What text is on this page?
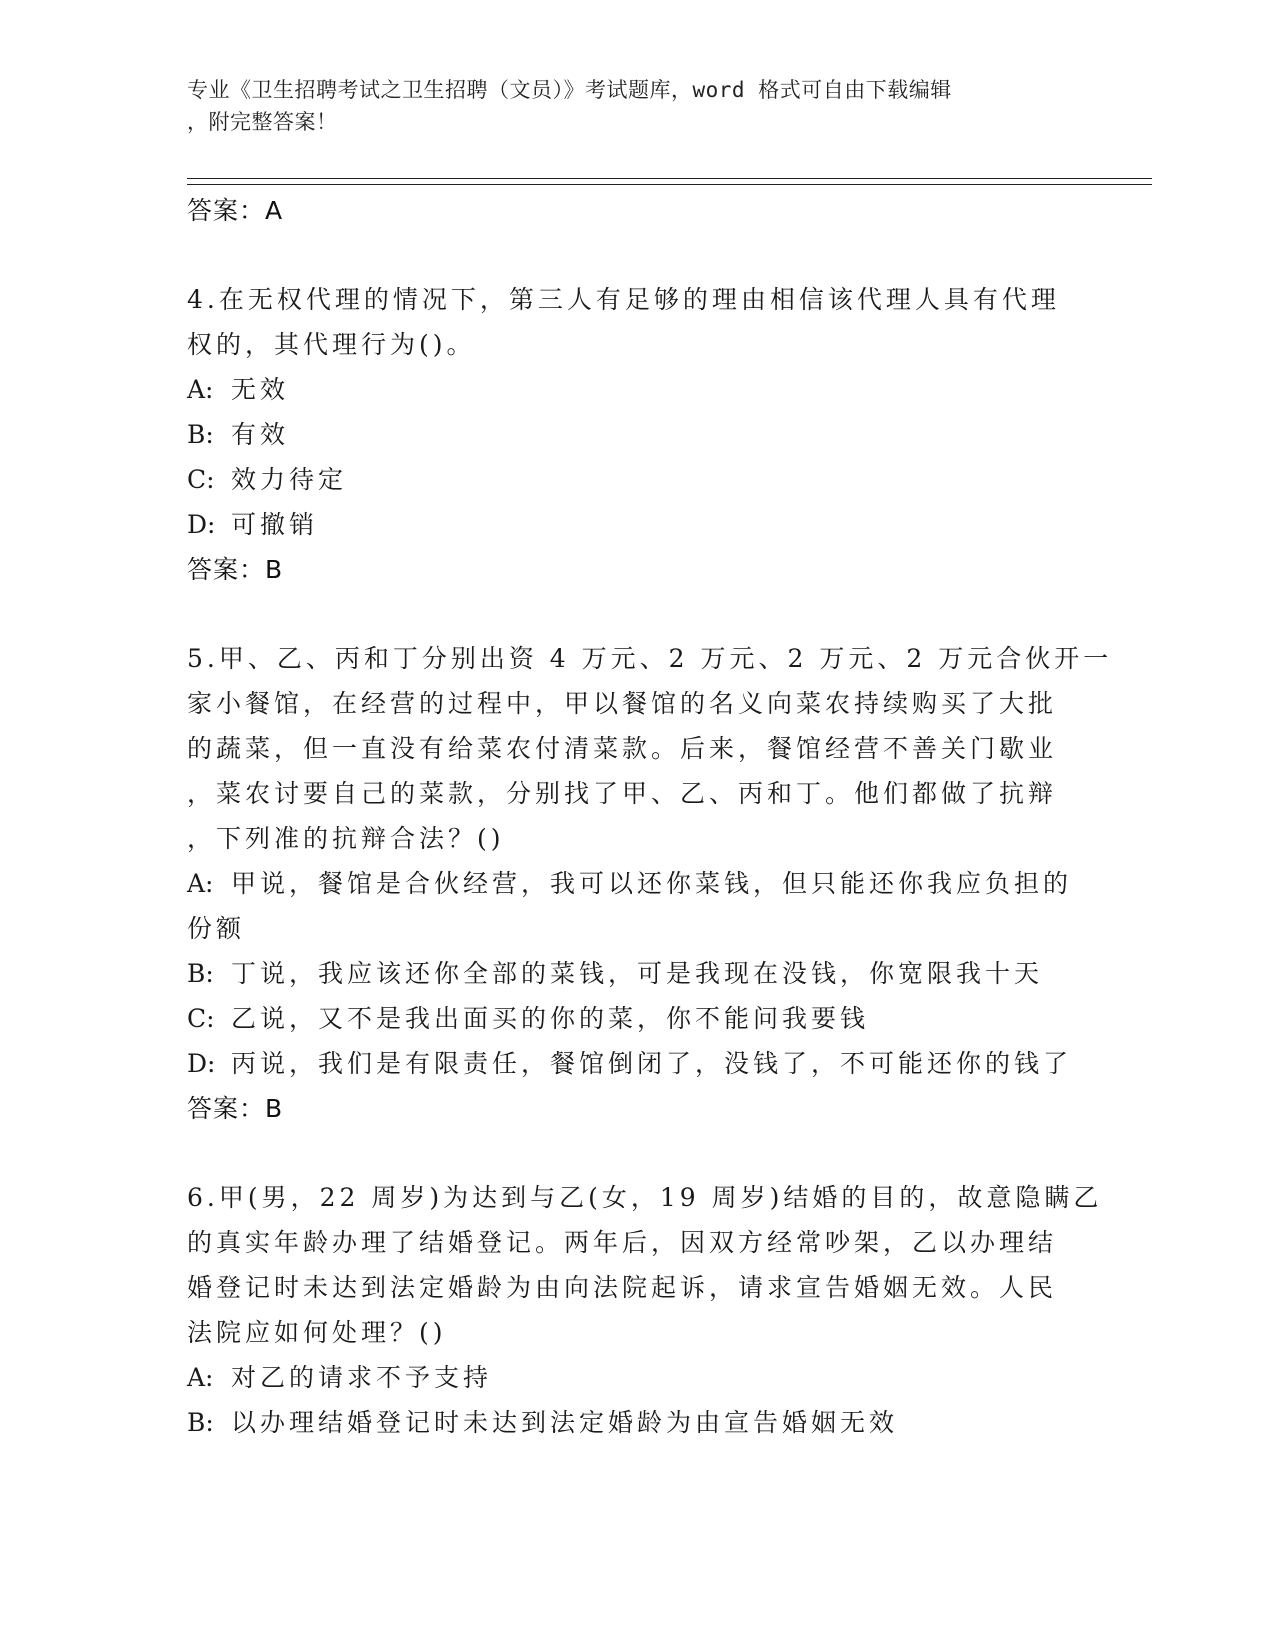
专业《卫生招聘考试之卫生招聘（文员）》考试题库，word 格式可自由下载编辑
，附完整答案！
答案：A
4.在无权代理的情况下，第三人有足够的理由相信该代理人具有代理
权的，其代理行为()。
A: 无效
B: 有效
C: 效力待定
D: 可撤销
答案：B
5.甲、乙、丙和丁分别出资 4 万元、2 万元、2 万元、2 万元合伙开一
家小餐馆，在经营的过程中，甲以餐馆的名义向菜农持续购买了大批
的蔬菜，但一直没有给菜农付清菜款。后来，餐馆经营不善关门歇业
，菜农讨要自己的菜款，分别找了甲、乙、丙和丁。他们都做了抗辩
，下列准的抗辩合法？()
A: 甲说，餐馆是合伙经营，我可以还你菜钱，但只能还你我应负担的
份额
B: 丁说，我应该还你全部的菜钱，可是我现在没钱，你宽限我十天
C: 乙说，又不是我出面买的你的菜，你不能问我要钱
D: 丙说，我们是有限责任，餐馆倒闭了，没钱了，不可能还你的钱了
答案：B
6.甲(男，22 周岁)为达到与乙(女，19 周岁)结婚的目的，故意隐瞒乙
的真实年龄办理了结婚登记。两年后，因双方经常吵架，乙以办理结
婚登记时未达到法定婚龄为由向法院起诉，请求宣告婚姻无效。人民
法院应如何处理？()
A: 对乙的请求不予支持
B: 以办理结婚登记时未达到法定婚龄为由宣告婚姻无效
